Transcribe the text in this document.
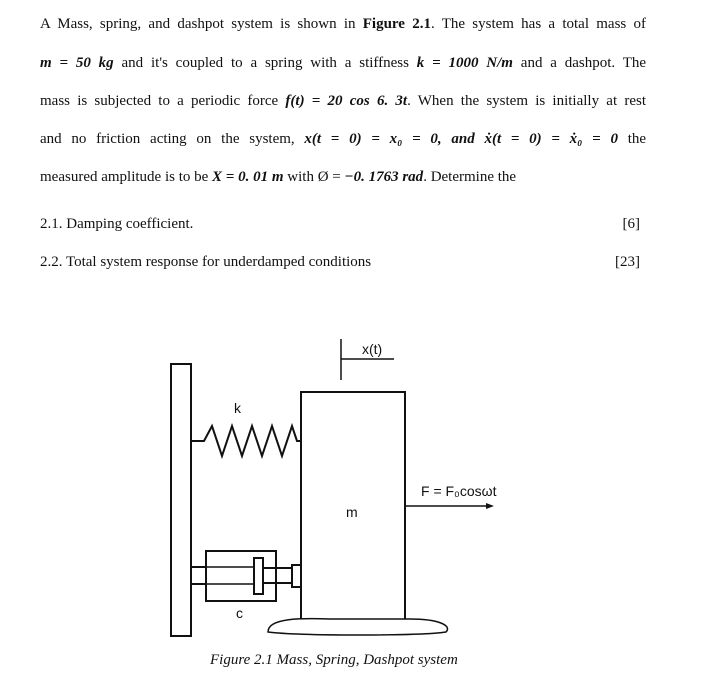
A Mass, spring, and dashpot system is shown in Figure 2.1. The system has a total mass of
m = 50 kg and it's coupled to a spring with a stiffness k = 1000 N/m and a dashpot. The
mass is subjected to a periodic force f(t) = 20 cos 6. 3t. When the system is initially at rest
and no friction acting on the system, x(t = 0) = x₀ = 0, and ẋ(t = 0) = ẋ₀ = 0 the
measured amplitude is to be X = 0. 01 m with Ø = −0. 1763 rad. Determine the
2.1. Damping coefficient.	[6]
2.2. Total system response for underdamped conditions	[23]
x(t)
k
m
F = F₀cosωt
c
Figure 2.1 Mass, Spring, Dashpot system
